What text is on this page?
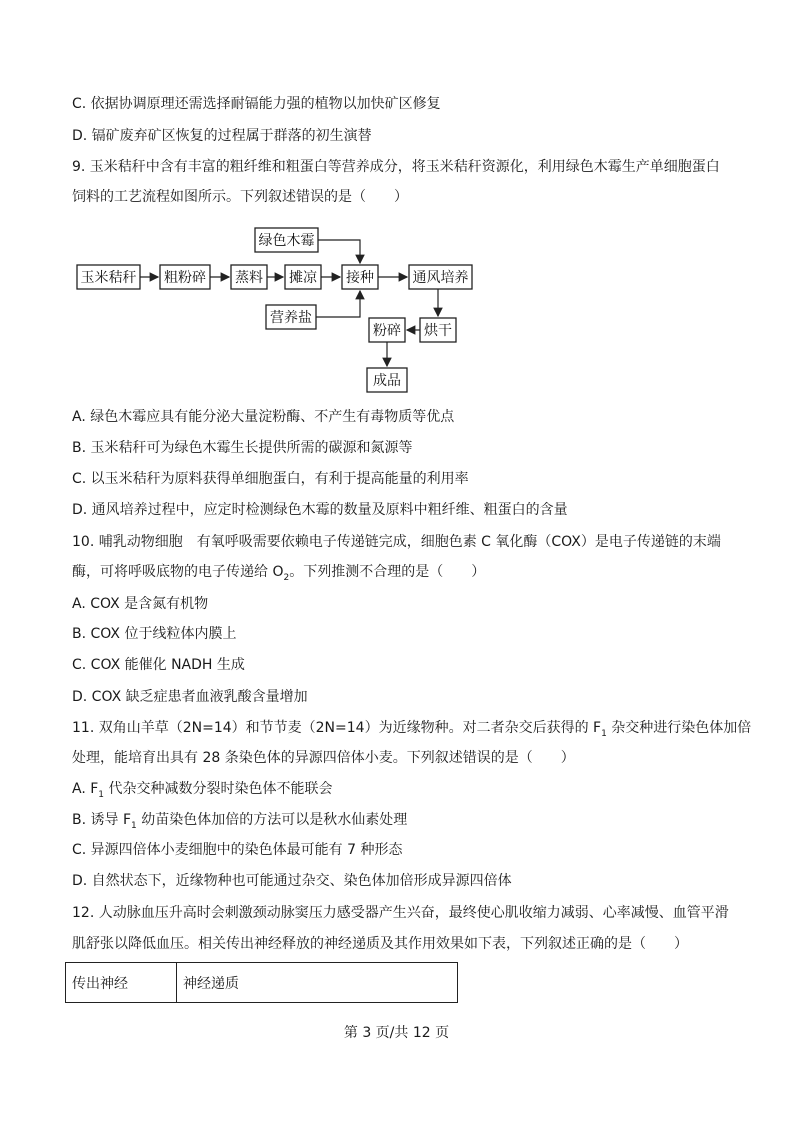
C. 依据协调原理还需选择耐镉能力强的植物以加快矿区修复
D. 镉矿废弃矿区恢复的过程属于群落的初生演替
9. 玉米秸秆中含有丰富的粗纤维和粗蛋白等营养成分，将玉米秸秆资源化，利用绿色木霉生产单细胞蛋白
饲料的工艺流程如图所示。下列叙述错误的是（　　）
玉米秸秆 粗粉碎 蒸料 摊凉 接种
绿色木霉
营养盐
通风培养
烘干
粉碎
成品
A. 绿色木霉应具有能分泌大量淀粉酶、不产生有毒物质等优点
B. 玉米秸秆可为绿色木霉生长提供所需的碳源和氮源等
C. 以玉米秸秆为原料获得单细胞蛋白，有利于提高能量的利用率
D. 通风培养过程中，应定时检测绿色木霉的数量及原料中粗纤维、粗蛋白的含量
10. 哺乳动物细胞　有氧呼吸需要依赖电子传递链完成，细胞色素 C 氧化酶（COX）是电子传递链的末端
酶，可将呼吸底物的电子传递给 $O_2$。下列推测不合理的是（　　）
A. COX 是含氮有机物
B. COX 位于线粒体内膜上
C. COX 能催化 NADH 生成
D. COX 缺乏症患者血液乳酸含量增加
11. 双角山羊草（2N=14）和节节麦（2N=14）为近缘物种。对二者杂交后获得的 $F_1$ 杂交种进行染色体加倍
处理，能培育出具有 28 条染色体的异源四倍体小麦。下列叙述错误的是（　　）
A. $F_1$ 代杂交种减数分裂时染色体不能联会
B. 诱导 $F_1$ 幼苗染色体加倍的方法可以是秋水仙素处理
C. 异源四倍体小麦细胞中的染色体最可能有 7 种形态
D. 自然状态下，近缘物种也可能通过杂交、染色体加倍形成异源四倍体
12. 人动脉血压升高时会刺激颈动脉窦压力感受器产生兴奋，最终使心肌收缩力减弱、心率减慢、血管平滑
肌舒张以降低血压。相关传出神经释放的神经递质及其作用效果如下表，下列叙述正确的是（　　）
传出神经	神经递质
第 3 页/共 12 页
